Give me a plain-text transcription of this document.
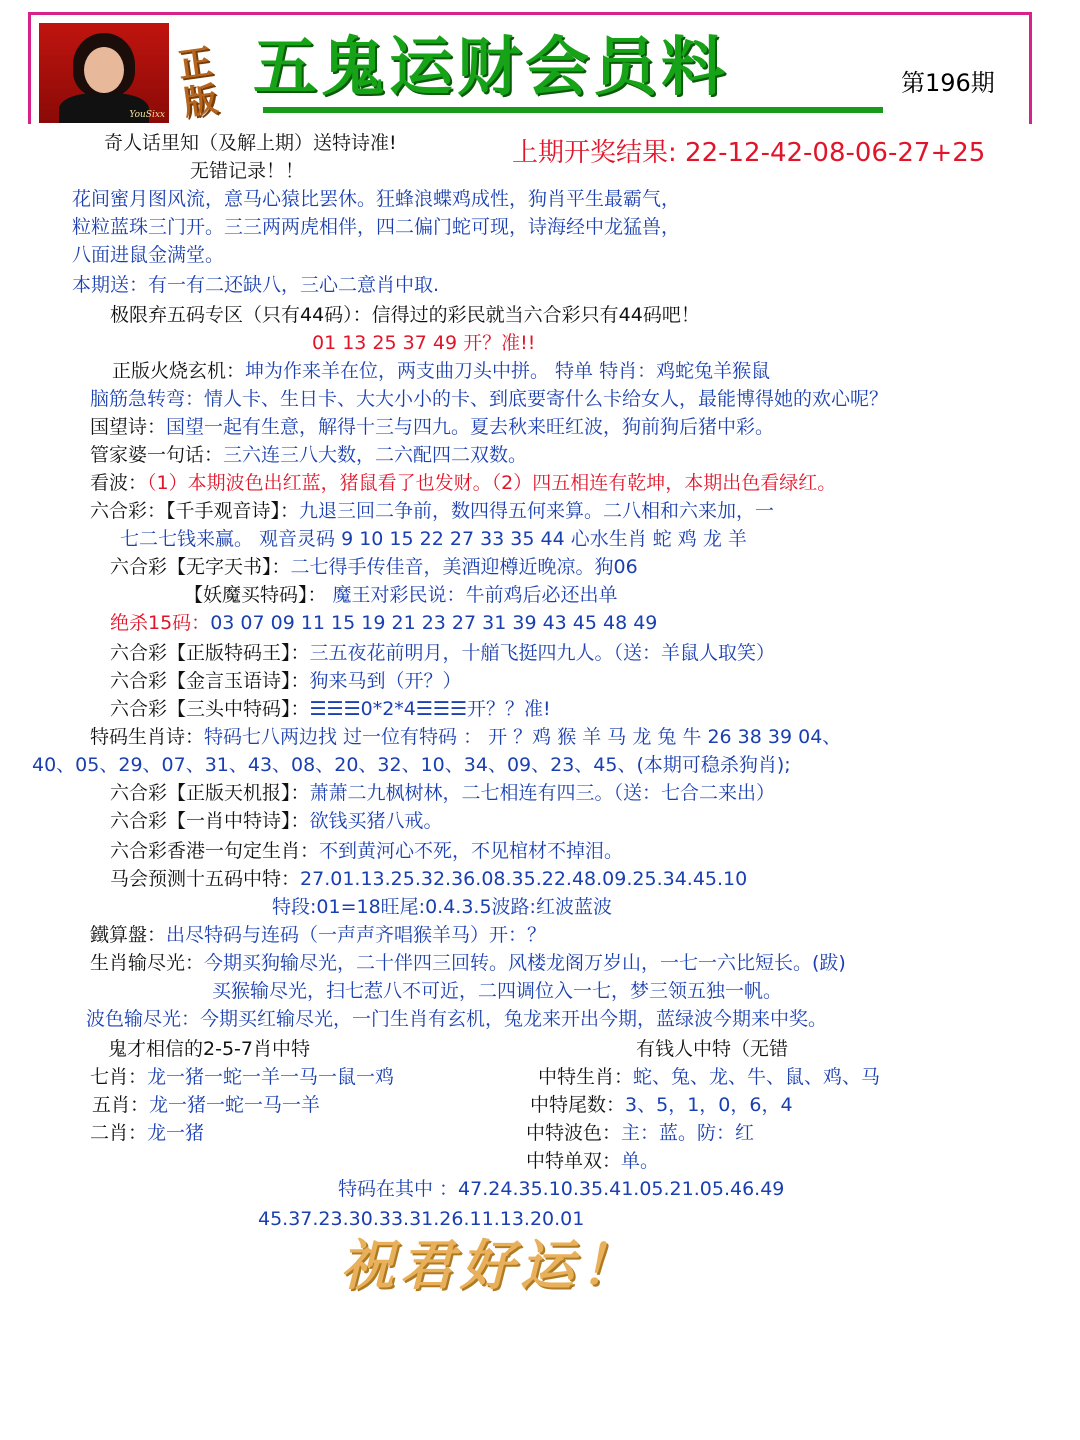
YouSixx
正版 五鬼运财会员料	第196期
奇人话里知（及解上期）送特诗准!	上期开奖结果: 22-12-42-08-06-27+25
无错记录！！
花间蜜月图风流，意马心猿比罢休。狂蜂浪蝶鸡成性，狗肖平生最霸气，
粒粒蓝珠三门开。三三两两虎相伴，四二偏门蛇可现，诗海经中龙猛兽，
八面进鼠金满堂。
本期送：有一有二还缺八，三心二意肖中取.
极限弃五码专区（只有44码）：信得过的彩民就当六合彩只有44码吧！
01 13 25 37 49 开？准!!
正版火烧玄机：坤为作来羊在位，两支曲刀头中拼。 特单 特肖：鸡蛇兔羊猴鼠
脑筋急转弯：情人卡、生日卡、大大小小的卡、到底要寄什么卡给女人，最能博得她的欢心呢？
国望诗：国望一起有生意，解得十三与四九。夏去秋来旺红波，狗前狗后猪中彩。
管家婆一句话：三六连三八大数，二六配四二双数。
看波：（1）本期波色出红蓝，猪鼠看了也发财。（2）四五相连有乾坤，本期出色看绿红。
六合彩：【千手观音诗】：九退三回二争前，数四得五何来算。二八相和六来加，一
七二七钱来赢。 观音灵码 9 10 15 22 27 33 35 44 心水生肖 蛇 鸡 龙 羊
六合彩【无字天书】：二七得手传佳音，美酒迎樽近晚凉。狗06
【妖魔买特码】： 魔王对彩民说：牛前鸡后必还出单
绝杀15码：03 07 09 11 15 19 21 23 27 31 39 43 45 48 49
六合彩【正版特码王】：三五夜花前明月，十艏飞挺四九人。（送：羊鼠人取笑）
六合彩【金言玉语诗】：狗来马到（开？）
六合彩【三头中特码】：☰☰☰0*2*4☰☰☰开？？准!
特码生肖诗：特码七八两边找 过一位有特码 ： 开 ？鸡 猴 羊 马 龙 兔 牛 26 38 39 04、
40、05、29、07、31、43、08、20、32、10、34、09、23、45、(本期可稳杀狗肖);
六合彩【正版天机报】：萧萧二九枫树林，二七相连有四三。（送：七合二来出）
六合彩【一肖中特诗】：欲钱买猪八戒。
六合彩香港一句定生肖：不到黄河心不死，不见棺材不掉泪。
马会预测十五码中特：27.01.13.25.32.36.08.35.22.48.09.25.34.45.10
特段:01=18旺尾:0.4.3.5波路:红波蓝波
鐵算盤：出尽特码与连码（一声声齐唱猴羊马）开：？
生肖输尽光：今期买狗输尽光，二十伴四三回转。风楼龙阁万岁山，一七一六比短长。(跋)
买猴输尽光，扫七惹八不可近，二四调位入一七，梦三领五独一帆。
波色输尽光：今期买红输尽光，一门生肖有玄机，兔龙来开出今期，蓝绿波今期来中奖。
鬼才相信的2-5-7肖中特	有钱人中特（无错
七肖：龙一猪一蛇一羊一马一鼠一鸡	中特生肖：蛇、兔、龙、牛、鼠、鸡、马
五肖：龙一猪一蛇一马一羊	中特尾数：3、5，1，0，6，4
二肖：龙一猪	中特波色：主：蓝。防：红
中特单双：单。
特码在其中 ：47.24.35.10.35.41.05.21.05.46.49
45.37.23.30.33.31.26.11.13.20.01
祝君好运！
